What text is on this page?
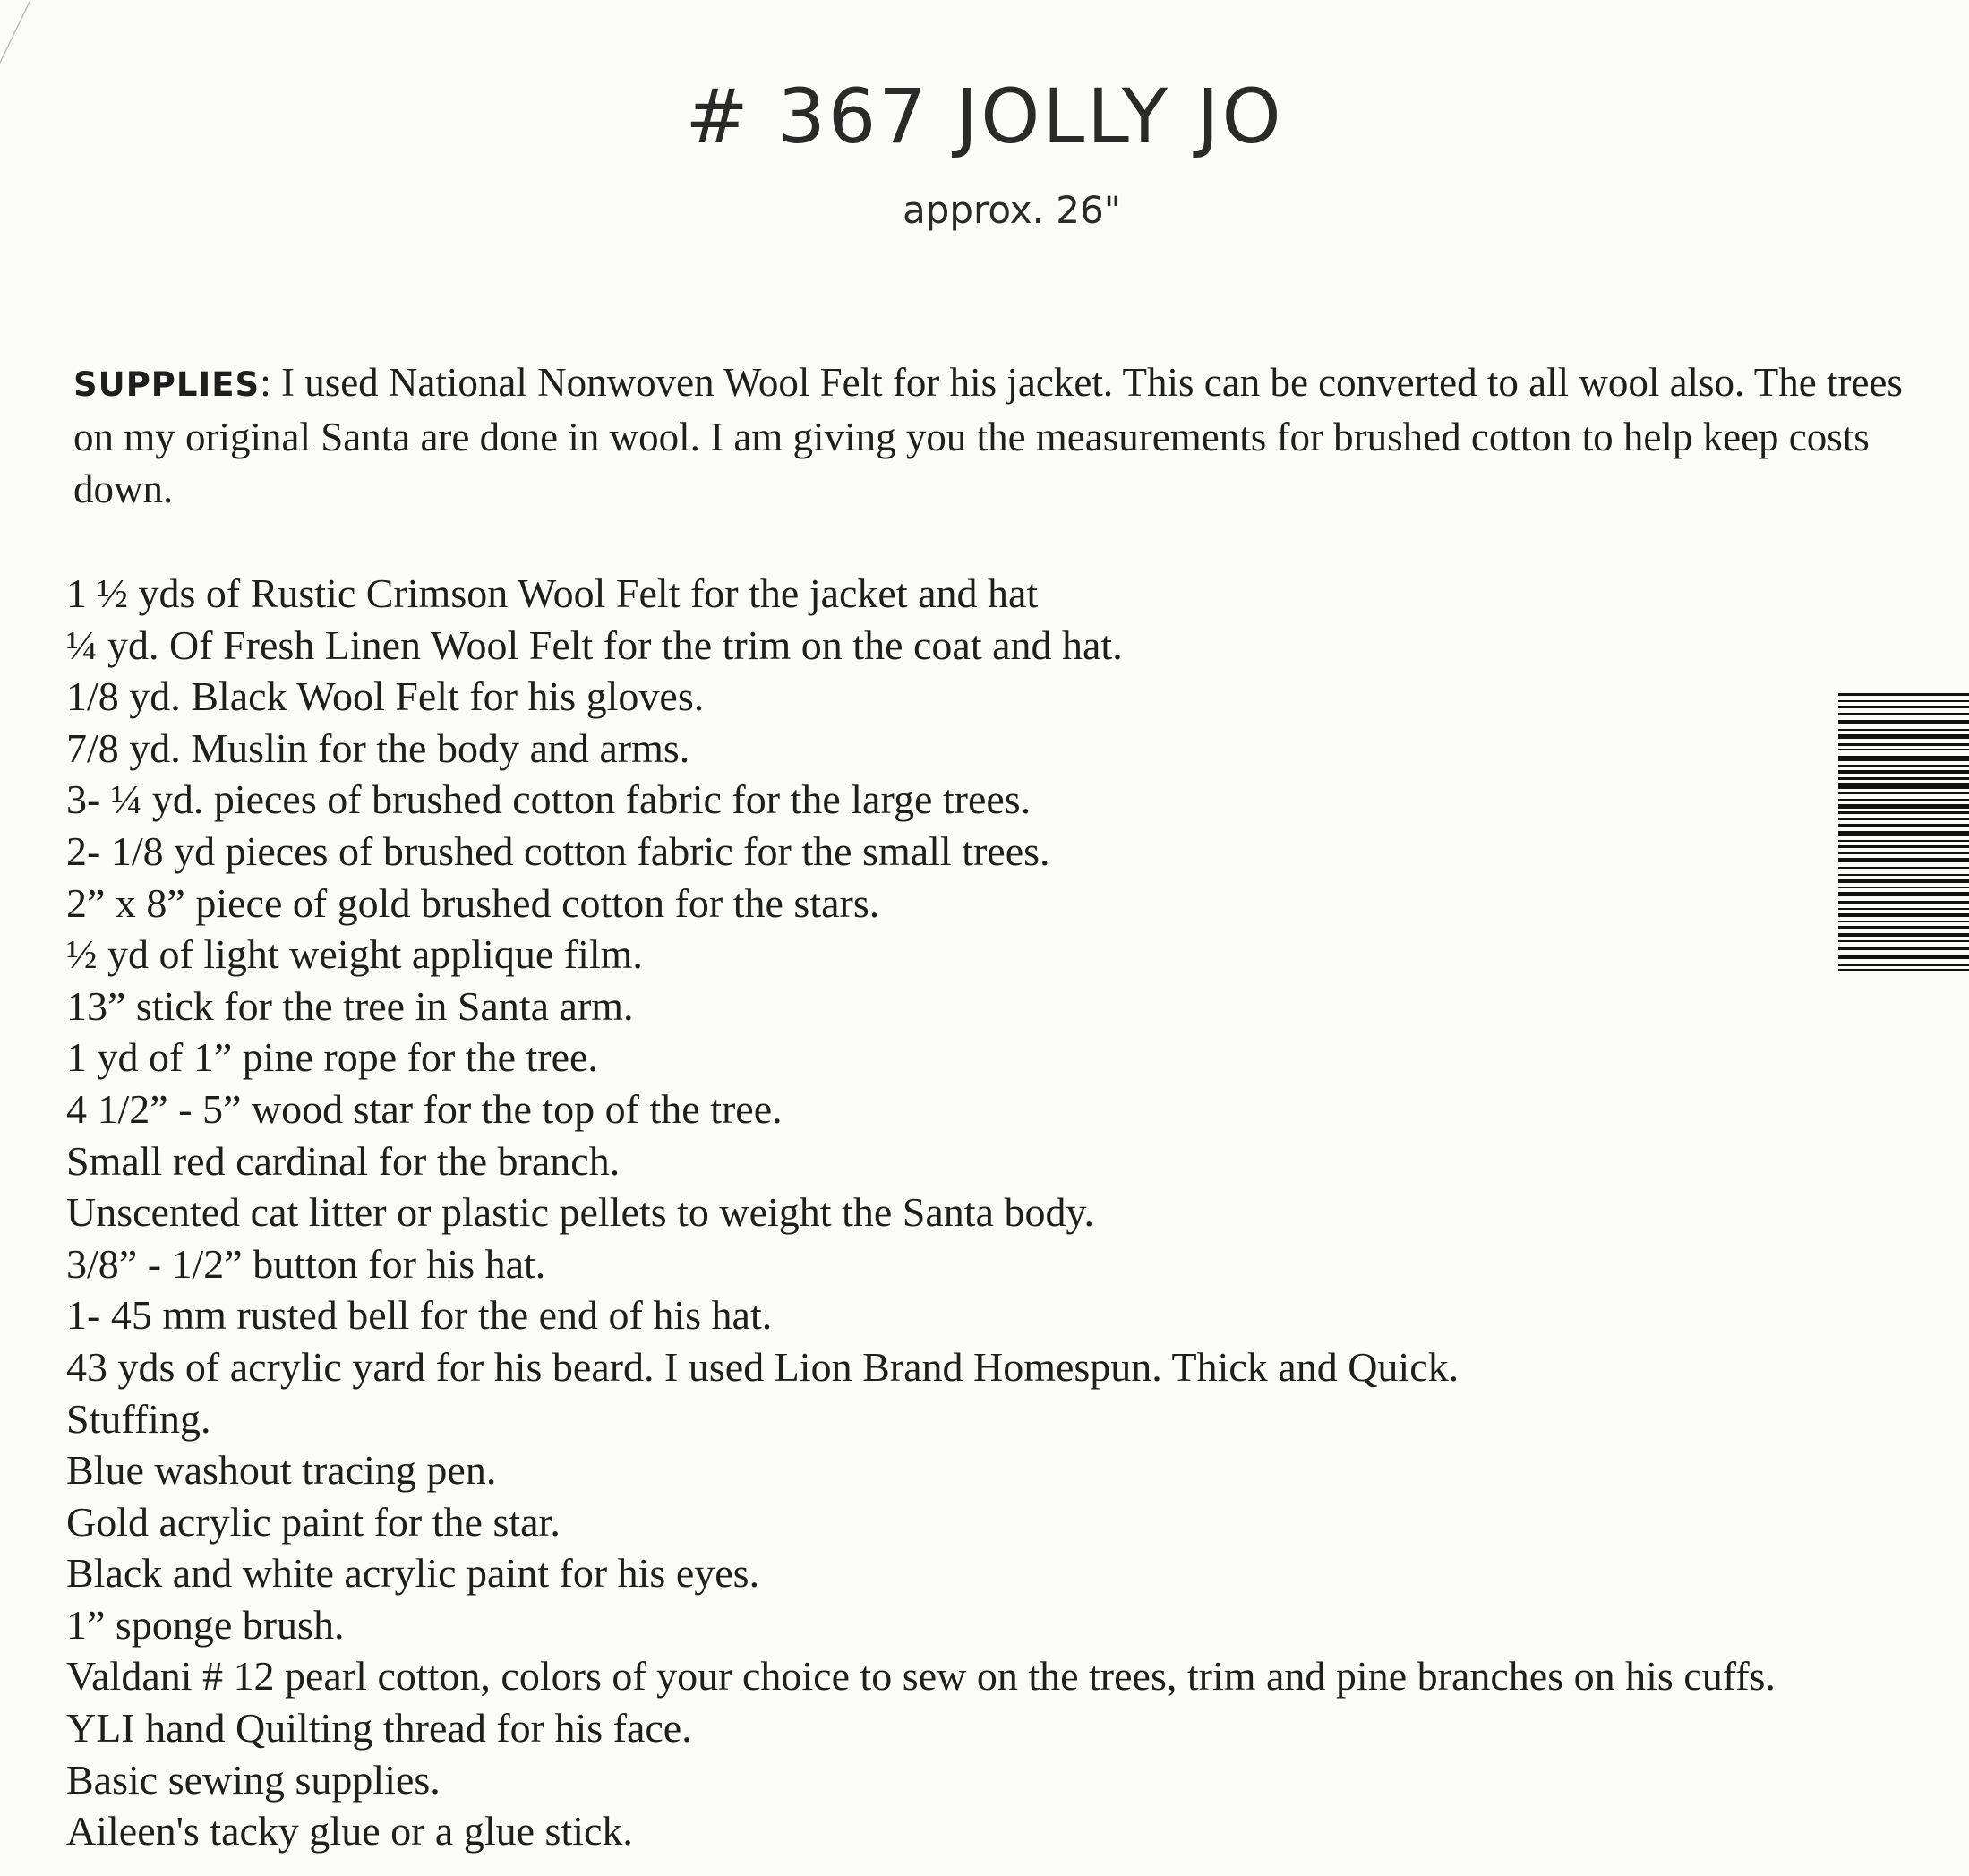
# 367 JOLLY JO
approx. 26"
SUPPLIES: I used National Nonwoven Wool Felt for his jacket. This can be converted to all wool also. The trees on my original Santa are done in wool. I am giving you the measurements for brushed cotton to help keep costs down.
1 ½ yds of Rustic Crimson Wool Felt for the jacket and hat
¼ yd. Of Fresh Linen Wool Felt for the trim on the coat and hat.
1/8 yd. Black Wool Felt for his gloves.
7/8 yd. Muslin for the body and arms.
3- ¼ yd. pieces of brushed cotton fabric for the large trees.
2- 1/8 yd pieces of brushed cotton fabric for the small trees.
2” x 8” piece of gold brushed cotton for the stars.
½ yd of light weight applique film.
13” stick for the tree in Santa arm.
1 yd of 1” pine rope for the tree.
4 1/2” - 5” wood star for the top of the tree.
Small red cardinal for the branch.
Unscented cat litter or plastic pellets to weight the Santa body.
3/8” - 1/2” button for his hat.
1- 45 mm rusted bell for the end of his hat.
43 yds of acrylic yard for his beard. I used Lion Brand Homespun. Thick and Quick.
Stuffing.
Blue washout tracing pen.
Gold acrylic paint for the star.
Black and white acrylic paint for his eyes.
1” sponge brush.
Valdani # 12 pearl cotton, colors of your choice to sew on the trees, trim and pine branches on his cuffs.
YLI hand Quilting thread for his face.
Basic sewing supplies.
Aileen's tacky glue or a glue stick.
